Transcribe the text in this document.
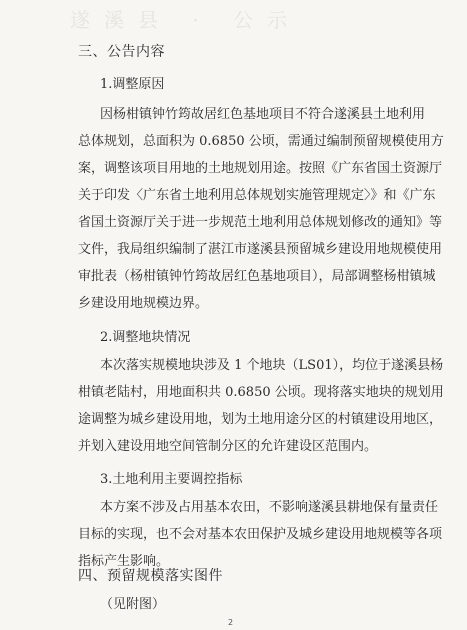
遂溪县 · 公示
三、公告内容
1.调整原因
因杨柑镇钟竹筠故居红色基地项目不符合遂溪县土地利用
总体规划，总面积为 0.6850 公顷，需通过编制预留规模使用方
案，调整该项目用地的土地规划用途。按照《广东省国土资源厅
关于印发〈广东省土地利用总体规划实施管理规定〉》和《广东
省国土资源厅关于进一步规范土地利用总体规划修改的通知》等
文件，我局组织编制了湛江市遂溪县预留城乡建设用地规模使用
审批表（杨柑镇钟竹筠故居红色基地项目），局部调整杨柑镇城
乡建设用地规模边界。
2.调整地块情况
本次落实规模地块涉及 1 个地块（LS01），均位于遂溪县杨
柑镇老陆村，用地面积共 0.6850 公顷。现将落实地块的规划用
途调整为城乡建设用地，划为土地用途分区的村镇建设用地区，
并划入建设用地空间管制分区的允许建设区范围内。
3.土地利用主要调控指标
本方案不涉及占用基本农田，不影响遂溪县耕地保有量责任
目标的实现，也不会对基本农田保护及城乡建设用地规模等各项
指标产生影响。
四、预留规模落实图件
（见附图）
2
